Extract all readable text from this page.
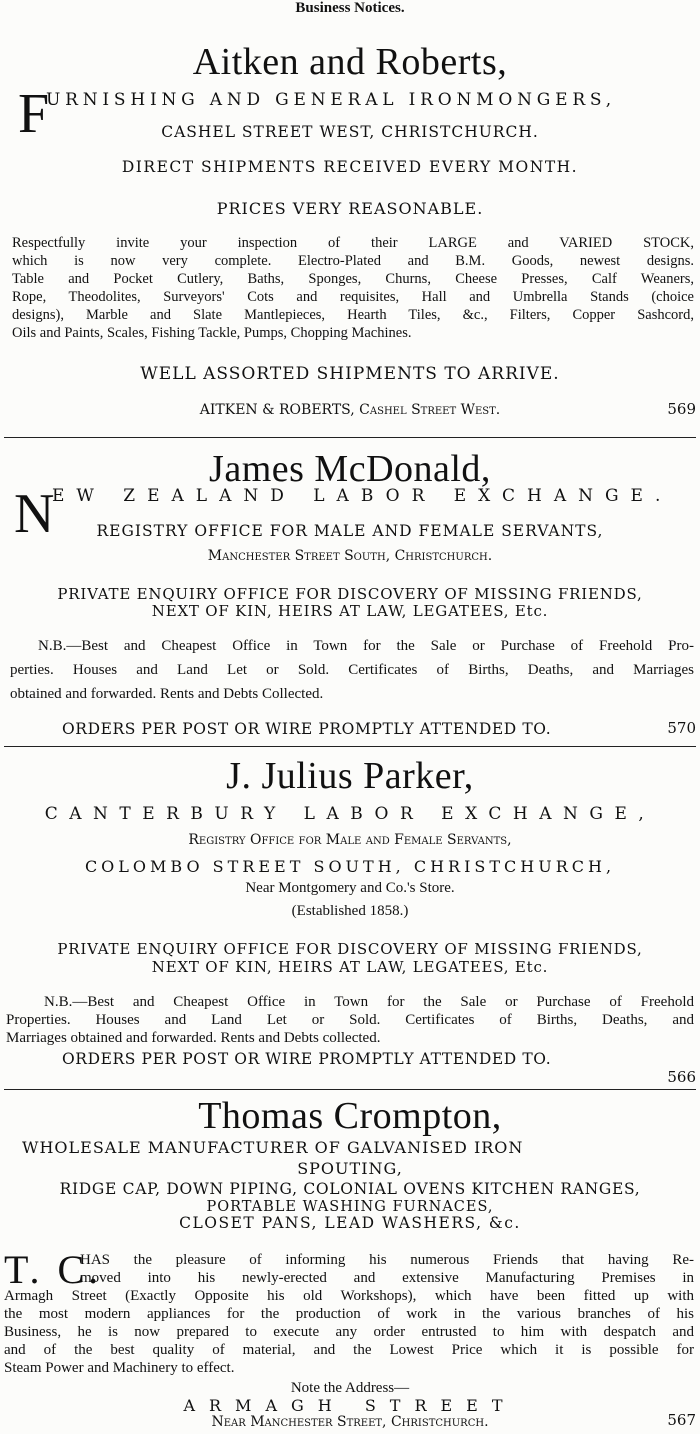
Business Notices.
Aitken and Roberts,
F
URNISHING AND GENERAL IRONMONGERS,
CASHEL STREET WEST, CHRISTCHURCH.
DIRECT SHIPMENTS RECEIVED EVERY MONTH.
PRICES VERY REASONABLE.
Respectfully invite your inspection of their LARGE and VARIED STOCK,
which is now very complete. Electro-Plated and B.M. Goods, newest designs.
Table and Pocket Cutlery, Baths, Sponges, Churns, Cheese Presses, Calf Weaners,
Rope, Theodolites, Surveyors' Cots and requisites, Hall and Umbrella Stands (choice
designs), Marble and Slate Mantlepieces, Hearth Tiles, &c., Filters, Copper Sashcord,
Oils and Paints, Scales, Fishing Tackle, Pumps, Chopping Machines.
WELL ASSORTED SHIPMENTS TO ARRIVE.
AITKEN & ROBERTS, Cashel Street West.	569
James McDonald,
N
EW ZEALAND LABOR EXCHANGE.
REGISTRY OFFICE FOR MALE AND FEMALE SERVANTS,
Manchester Street South, Christchurch.
PRIVATE ENQUIRY OFFICE FOR DISCOVERY OF MISSING FRIENDS,
NEXT OF KIN, HEIRS AT LAW, LEGATEES, Etc.
N.B.—Best and Cheapest Office in Town for the Sale or Purchase of Freehold Pro-
perties. Houses and Land Let or Sold. Certificates of Births, Deaths, and Marriages
obtained and forwarded. Rents and Debts Collected.
ORDERS PER POST OR WIRE PROMPTLY ATTENDED TO.	570
J. Julius Parker,
CANTERBURY LABOR EXCHANGE,
Registry Office for Male and Female Servants,
COLOMBO STREET SOUTH, CHRISTCHURCH,
Near Montgomery and Co.'s Store.
(Established 1858.)
PRIVATE ENQUIRY OFFICE FOR DISCOVERY OF MISSING FRIENDS,
NEXT OF KIN, HEIRS AT LAW, LEGATEES, Etc.
N.B.—Best and Cheapest Office in Town for the Sale or Purchase of Freehold
Properties. Houses and Land Let or Sold. Certificates of Births, Deaths, and
Marriages obtained and forwarded. Rents and Debts collected.
ORDERS PER POST OR WIRE PROMPTLY ATTENDED TO.
566
Thomas Crompton,
WHOLESALE MANUFACTURER OF GALVANISED IRON
SPOUTING,
RIDGE CAP, DOWN PIPING, COLONIAL OVENS KITCHEN RANGES,
PORTABLE WASHING FURNACES,
CLOSET PANS, LEAD WASHERS, &c.
T. C.
HAS the pleasure of informing his numerous Friends that having Re-
moved into his newly-erected and extensive Manufacturing Premises in
Armagh Street (Exactly Opposite his old Workshops), which have been fitted up with
the most modern appliances for the production of work in the various branches of his
Business, he is now prepared to execute any order entrusted to him with despatch and
and of the best quality of material, and the Lowest Price which it is possible for
Steam Power and Machinery to effect.
Note the Address—
ARMAGH STREET
Near Manchester Street, Christchurch.	567
